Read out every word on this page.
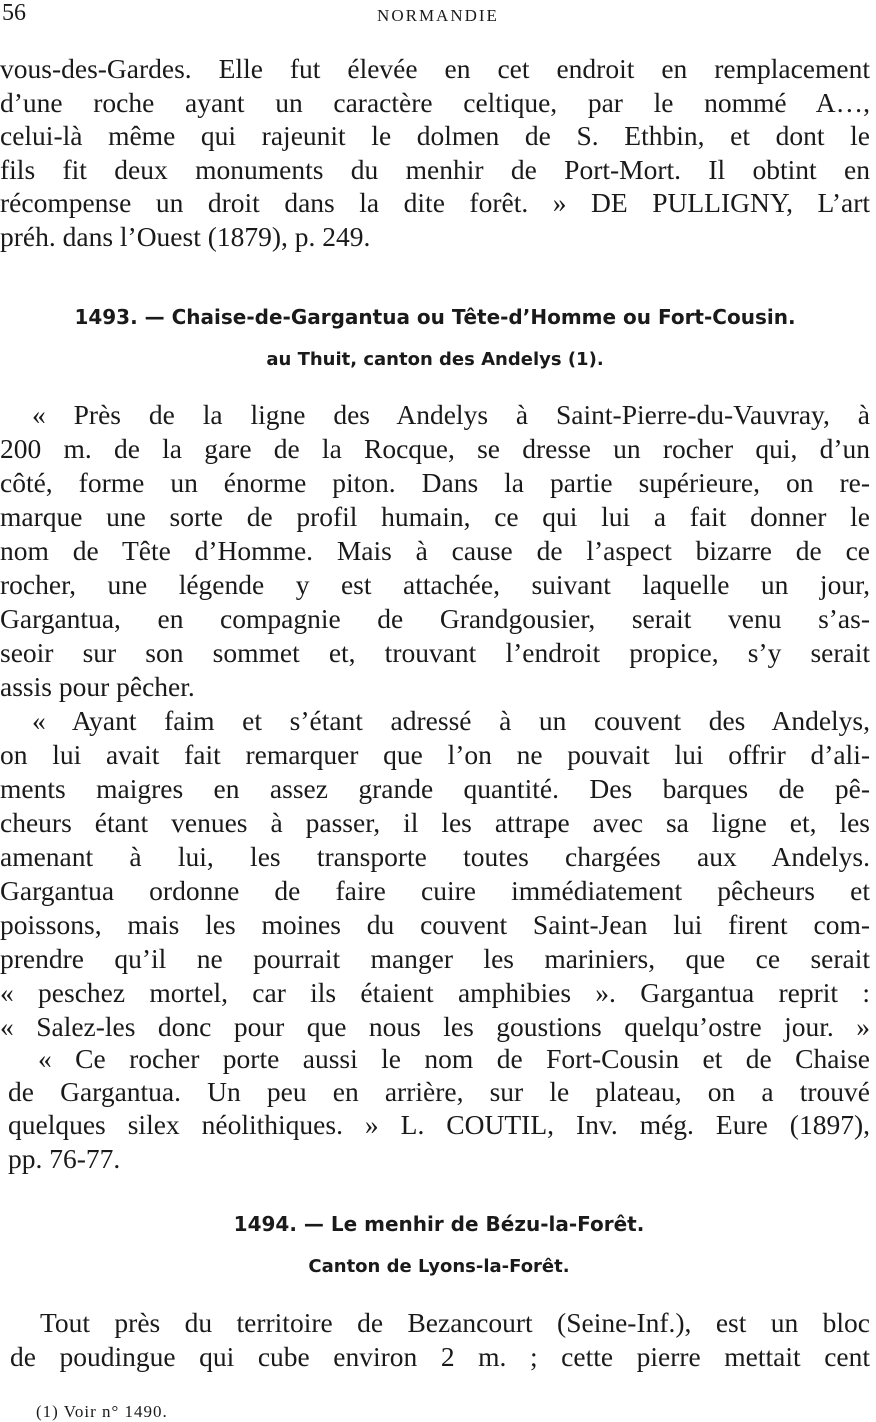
56	NORMANDIE
vous-des-Gardes. Elle fut élevée en cet endroit en remplacement
d’une roche ayant un caractère celtique, par le nommé A…,
celui-là même qui rajeunit le dolmen de S. Ethbin, et dont le
fils fit deux monuments du menhir de Port-Mort. Il obtint en
récompense un droit dans la dite forêt. » DE PULLIGNY, L’art
préh. dans l’Ouest (1879), p. 249.
1493. — Chaise-de-Gargantua ou Tête-d’Homme ou Fort-Cousin.
au Thuit, canton des Andelys (1).
« Près de la ligne des Andelys à Saint-Pierre-du-Vauvray, à
200 m. de la gare de la Rocque, se dresse un rocher qui, d’un
côté, forme un énorme piton. Dans la partie supérieure, on re-
marque une sorte de profil humain, ce qui lui a fait donner le
nom de Tête d’Homme. Mais à cause de l’aspect bizarre de ce
rocher, une légende y est attachée, suivant laquelle un jour,
Gargantua, en compagnie de Grandgousier, serait venu s’as-
seoir sur son sommet et, trouvant l’endroit propice, s’y serait
assis pour pêcher.
« Ayant faim et s’étant adressé à un couvent des Andelys,
on lui avait fait remarquer que l’on ne pouvait lui offrir d’ali-
ments maigres en assez grande quantité. Des barques de pê-
cheurs étant venues à passer, il les attrape avec sa ligne et, les
amenant à lui, les transporte toutes chargées aux Andelys.
Gargantua ordonne de faire cuire immédiatement pêcheurs et
poissons, mais les moines du couvent Saint-Jean lui firent com-
prendre qu’il ne pourrait manger les mariniers, que ce serait
« peschez mortel, car ils étaient amphibies ». Gargantua reprit :
« Salez-les donc pour que nous les goustions quelqu’ostre jour. »
« Ce rocher porte aussi le nom de Fort-Cousin et de Chaise
de Gargantua. Un peu en arrière, sur le plateau, on a trouvé
quelques silex néolithiques. » L. COUTIL, Inv. még. Eure (1897),
pp. 76-77.
1494. — Le menhir de Bézu-la-Forêt.
Canton de Lyons-la-Forêt.
Tout près du territoire de Bezancourt (Seine-Inf.), est un bloc
de poudingue qui cube environ 2 m. ; cette pierre mettait cent
(1) Voir n° 1490.
